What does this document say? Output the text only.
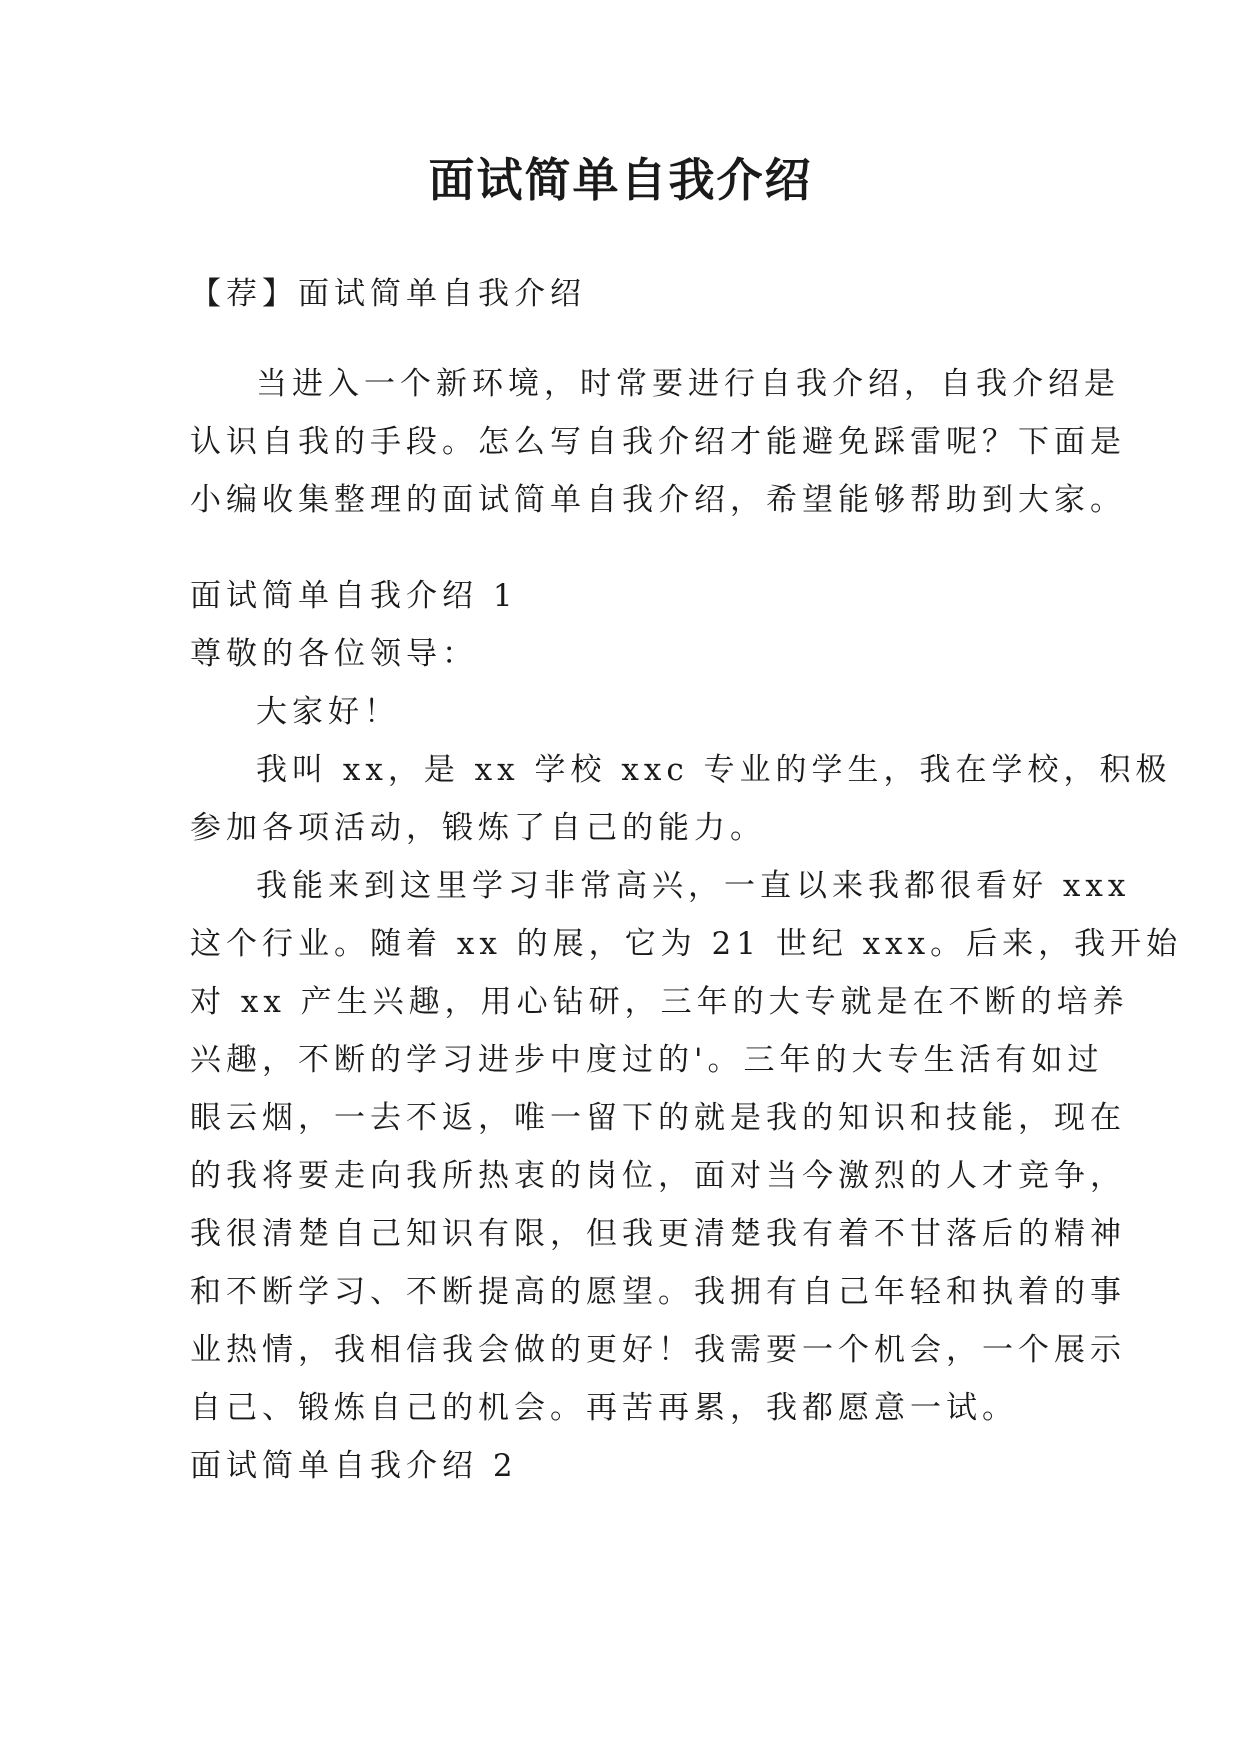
面试简单自我介绍
【荐】面试简单自我介绍
当进入一个新环境，时常要进行自我介绍，自我介绍是
认识自我的手段。怎么写自我介绍才能避免踩雷呢？下面是
小编收集整理的面试简单自我介绍，希望能够帮助到大家。
面试简单自我介绍 1
尊敬的各位领导：
大家好！
我叫 xx，是 xx 学校 xxc 专业的学生，我在学校，积极
参加各项活动，锻炼了自己的能力。
我能来到这里学习非常高兴，一直以来我都很看好 xxx
这个行业。随着 xx 的展，它为 21 世纪 xxx。后来，我开始
对 xx 产生兴趣，用心钻研，三年的大专就是在不断的培养
兴趣，不断的学习进步中度过的'。三年的大专生活有如过
眼云烟，一去不返，唯一留下的就是我的知识和技能，现在
的我将要走向我所热衷的岗位，面对当今激烈的人才竞争，
我很清楚自己知识有限，但我更清楚我有着不甘落后的精神
和不断学习、不断提高的愿望。我拥有自己年轻和执着的事
业热情，我相信我会做的更好！我需要一个机会，一个展示
自己、锻炼自己的机会。再苦再累，我都愿意一试。
面试简单自我介绍 2
